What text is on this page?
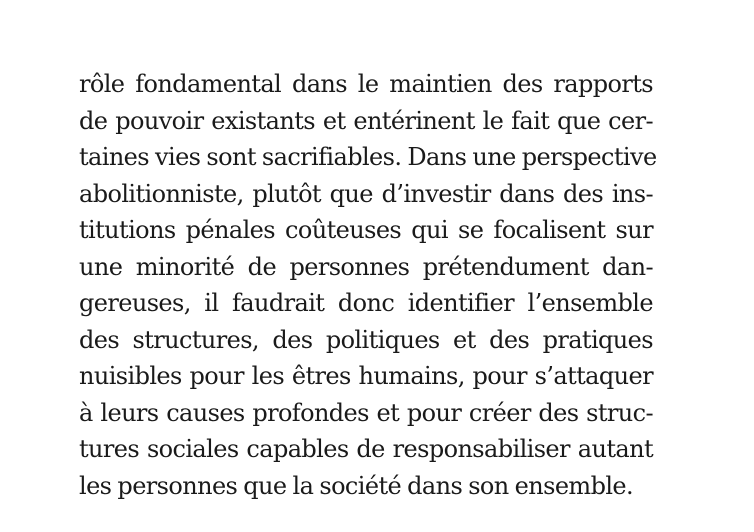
rôle fondamental dans le maintien des rapports
de pouvoir existants et entérinent le fait que cer-
taines vies sont sacrifiables. Dans une perspective
abolitionniste, plutôt que d’investir dans des ins-
titutions pénales coûteuses qui se focalisent sur
une minorité de personnes prétendument dan-
gereuses, il faudrait donc identifier l’ensemble
des structures, des politiques et des pratiques
nuisibles pour les êtres humains, pour s’attaquer
à leurs causes profondes et pour créer des struc-
tures sociales capables de responsabiliser autant
les personnes que la société dans son ensemble.
